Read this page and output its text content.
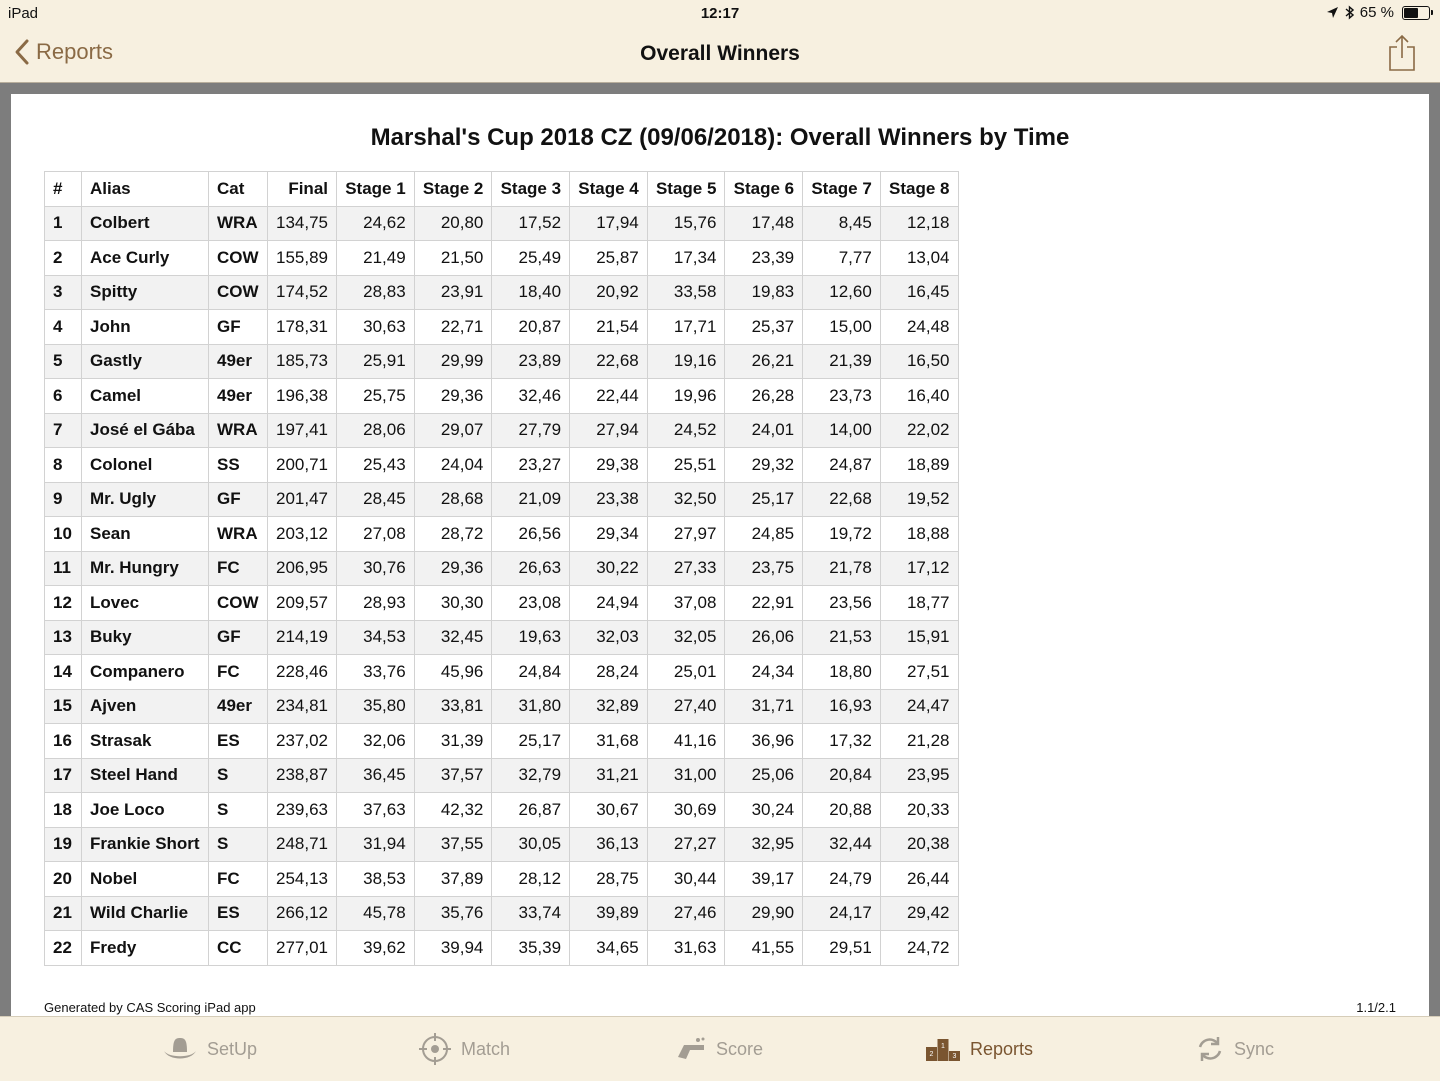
iPad	12:17	65 %
Reports	Overall Winners
Marshal's Cup 2018 CZ (09/06/2018): Overall Winners by Time
#	Alias	Cat	Final	Stage 1	Stage 2	Stage 3	Stage 4	Stage 5	Stage 6	Stage 7	Stage 8
1	Colbert	WRA	134,75	24,62	20,80	17,52	17,94	15,76	17,48	8,45	12,18
2	Ace Curly	COW	155,89	21,49	21,50	25,49	25,87	17,34	23,39	7,77	13,04
3	Spitty	COW	174,52	28,83	23,91	18,40	20,92	33,58	19,83	12,60	16,45
4	John	GF	178,31	30,63	22,71	20,87	21,54	17,71	25,37	15,00	24,48
5	Gastly	49er	185,73	25,91	29,99	23,89	22,68	19,16	26,21	21,39	16,50
6	Camel	49er	196,38	25,75	29,36	32,46	22,44	19,96	26,28	23,73	16,40
7	José el Gába	WRA	197,41	28,06	29,07	27,79	27,94	24,52	24,01	14,00	22,02
8	Colonel	SS	200,71	25,43	24,04	23,27	29,38	25,51	29,32	24,87	18,89
9	Mr. Ugly	GF	201,47	28,45	28,68	21,09	23,38	32,50	25,17	22,68	19,52
10	Sean	WRA	203,12	27,08	28,72	26,56	29,34	27,97	24,85	19,72	18,88
11	Mr. Hungry	FC	206,95	30,76	29,36	26,63	30,22	27,33	23,75	21,78	17,12
12	Lovec	COW	209,57	28,93	30,30	23,08	24,94	37,08	22,91	23,56	18,77
13	Buky	GF	214,19	34,53	32,45	19,63	32,03	32,05	26,06	21,53	15,91
14	Companero	FC	228,46	33,76	45,96	24,84	28,24	25,01	24,34	18,80	27,51
15	Ajven	49er	234,81	35,80	33,81	31,80	32,89	27,40	31,71	16,93	24,47
16	Strasak	ES	237,02	32,06	31,39	25,17	31,68	41,16	36,96	17,32	21,28
17	Steel Hand	S	238,87	36,45	37,57	32,79	31,21	31,00	25,06	20,84	23,95
18	Joe Loco	S	239,63	37,63	42,32	26,87	30,67	30,69	30,24	20,88	20,33
19	Frankie Short	S	248,71	31,94	37,55	30,05	36,13	27,27	32,95	32,44	20,38
20	Nobel	FC	254,13	38,53	37,89	28,12	28,75	30,44	39,17	24,79	26,44
21	Wild Charlie	ES	266,12	45,78	35,76	33,74	39,89	27,46	29,90	24,17	29,42
22	Fredy	CC	277,01	39,62	39,94	35,39	34,65	31,63	41,55	29,51	24,72
Generated by CAS Scoring iPad app	1.1/2.1
SetUp	Match	Score	2
1
3 Reports	Sync
